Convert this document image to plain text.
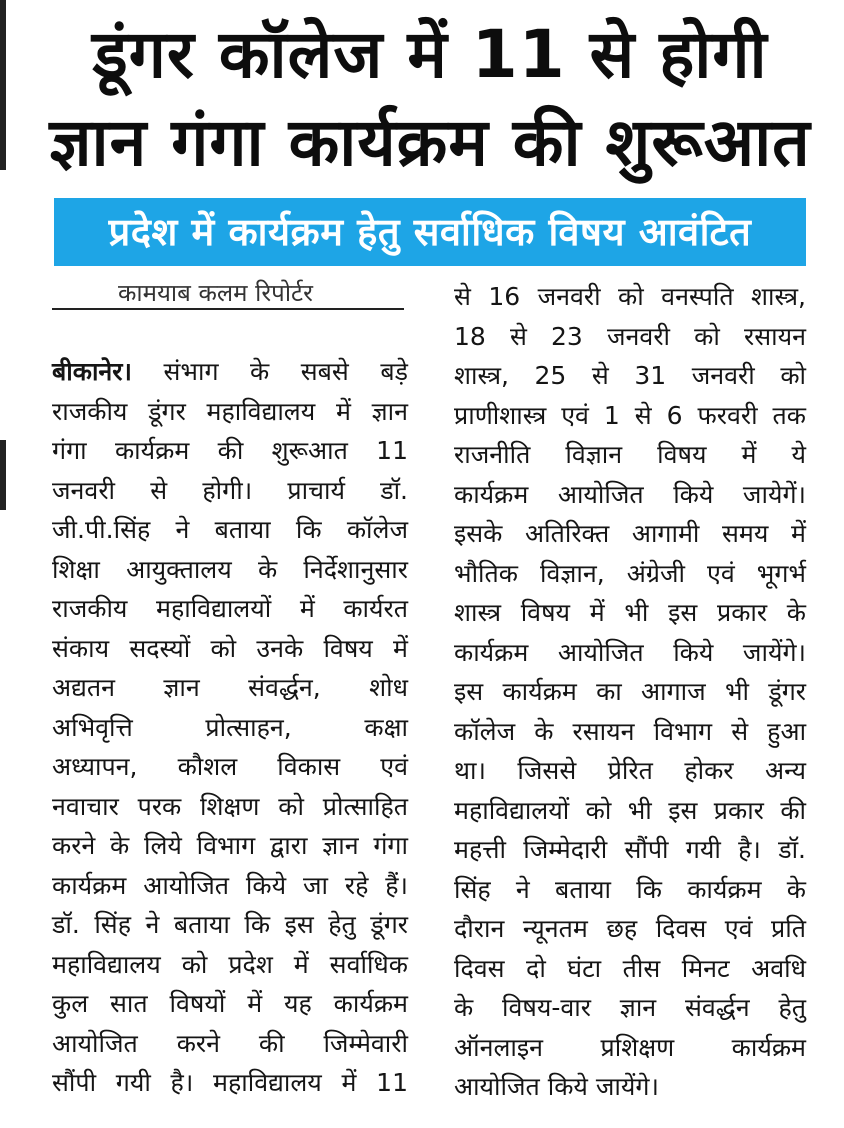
डूंगर कॉलेज में 11 से होगी
ज्ञान गंगा कार्यक्रम की शुरूआत
प्रदेश में कार्यक्रम हेतु सर्वाधिक विषय आवंटित
कामयाब कलम रिपोर्टर
बीकानेर। संभाग के सबसे बड़े
राजकीय डूंगर महाविद्यालय में ज्ञान
गंगा कार्यक्रम की शुरूआत 11
जनवरी से होगी। प्राचार्य डॉ.
जी.पी.सिंह ने बताया कि कॉलेज
शिक्षा आयुक्तालय के निर्देशानुसार
राजकीय महाविद्यालयों में कार्यरत
संकाय सदस्यों को उनके विषय में
अद्यतन ज्ञान संवर्द्धन, शोध
अभिवृत्ति प्रोत्साहन, कक्षा
अध्यापन, कौशल विकास एवं
नवाचार परक शिक्षण को प्रोत्साहित
करने के लिये विभाग द्वारा ज्ञान गंगा
कार्यक्रम आयोजित किये जा रहे हैं।
डॉ. सिंह ने बताया कि इस हेतु डूंगर
महाविद्यालय को प्रदेश में सर्वाधिक
कुल सात विषयों में यह कार्यक्रम
आयोजित करने की जिम्मेवारी
सौंपी गयी है। महाविद्यालय में 11
से 16 जनवरी को वनस्पति शास्त्र,
18 से 23 जनवरी को रसायन
शास्त्र, 25 से 31 जनवरी को
प्राणीशास्त्र एवं 1 से 6 फरवरी तक
राजनीति विज्ञान विषय में ये
कार्यक्रम आयोजित किये जायेगें।
इसके अतिरिक्त आगामी समय में
भौतिक विज्ञान, अंग्रेजी एवं भूगर्भ
शास्त्र विषय में भी इस प्रकार के
कार्यक्रम आयोजित किये जायेंगे।
इस कार्यक्रम का आगाज भी डूंगर
कॉलेज के रसायन विभाग से हुआ
था। जिससे प्रेरित होकर अन्य
महाविद्यालयों को भी इस प्रकार की
महत्ती जिम्मेदारी सौंपी गयी है। डॉ.
सिंह ने बताया कि कार्यक्रम के
दौरान न्यूनतम छह दिवस एवं प्रति
दिवस दो घंटा तीस मिनट अवधि
के विषय-वार ज्ञान संवर्द्धन हेतु
ऑनलाइन प्रशिक्षण कार्यक्रम
आयोजित किये जायेंगे।
